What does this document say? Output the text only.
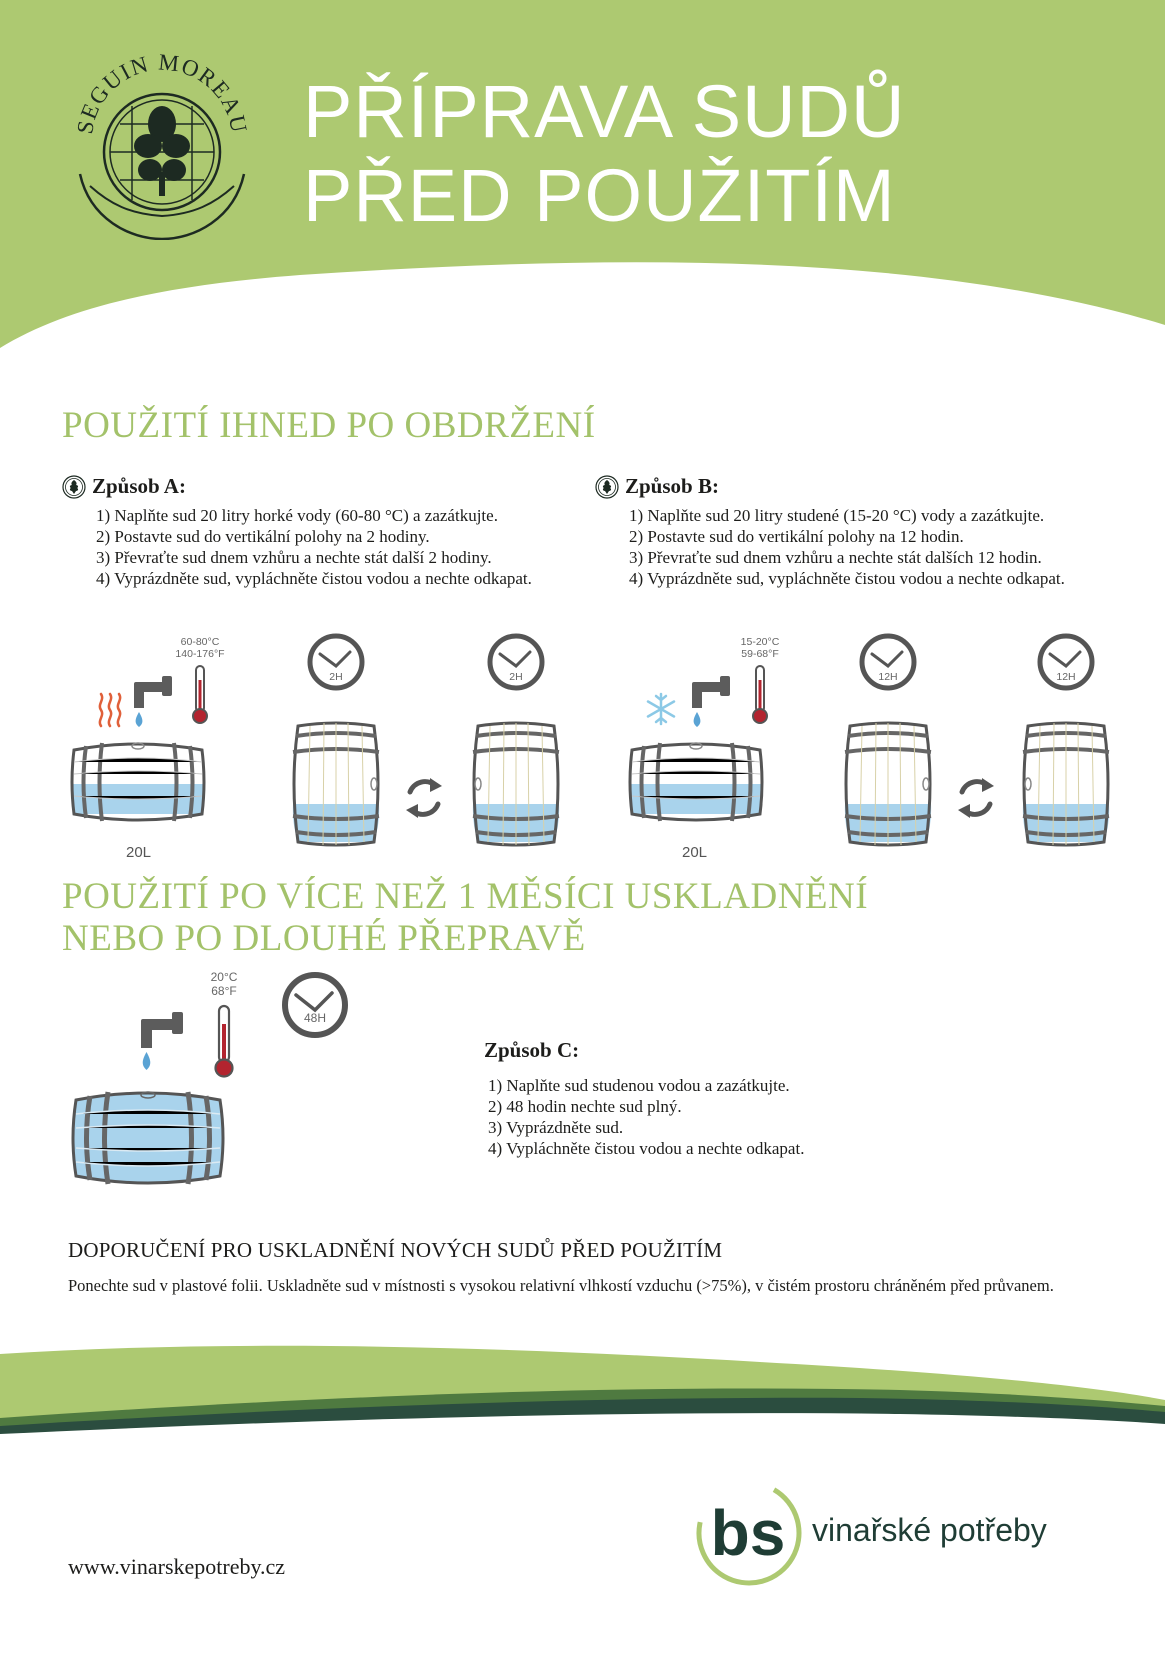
SEGUIN MOREAU PŘÍPRAVA SUDŮ
PŘED POUŽITÍM
POUŽITÍ IHNED PO OBDRŽENÍ
Způsob A:
1) Naplňte sud 20 litry horké vody (60-80 °C) a zazátkujte.
2) Postavte sud do vertikální polohy na 2 hodiny.
3) Převraťte sud dnem vzhůru a nechte stát další 2 hodiny.
4) Vyprázdněte sud, vypláchněte čistou vodou a nechte odkapat.
Způsob B:
1) Naplňte sud 20 litry studené (15-20 °C) vody a zazátkujte.
2) Postavte sud do vertikální polohy na 12 hodin.
3) Převraťte sud dnem vzhůru a nechte stát dalších 12 hodin.
4) Vyprázdněte sud, vypláchněte čistou vodou a nechte odkapat.
60-80°C
140-176°F
20L
2H	2H
15-20°C
59-68°F
20L
12H	12H
POUŽITÍ PO VÍCE NEŽ 1 MĚSÍCI USKLADNĚNÍ
NEBO PO DLOUHÉ PŘEPRAVĚ
20°C
68°F
48H
Způsob C:
1) Naplňte sud studenou vodou a zazátkujte.
2) 48 hodin nechte sud plný.
3) Vyprázdněte sud.
4) Vypláchněte čistou vodou a nechte odkapat.
DOPORUČENÍ PRO USKLADNĚNÍ NOVÝCH SUDŮ PŘED POUŽITÍM

Ponechte sud v plastové folii. Uskladněte sud v místnosti s vysokou relativní vlhkostí vzduchu (>75%), v čistém prostoru chráněném před průvanem.

bs vinařské potřeby
www.vinarskepotreby.cz
